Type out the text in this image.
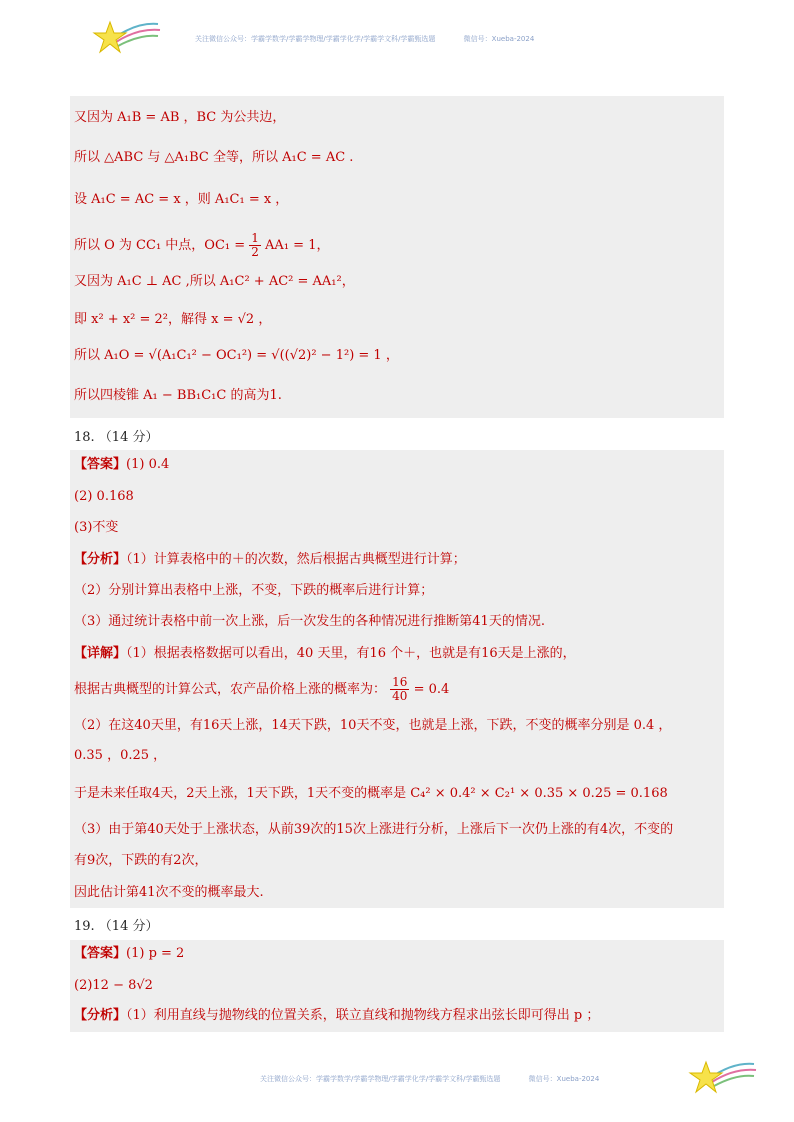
关注微信公众号：学霸学数学/学霸学物理/学霸学化学/学霸学文科/学霸甄选题	微信号：Xueba-2024
又因为 A₁B = AB ，BC 为公共边，
所以 △ABC 与 △A₁BC 全等，所以 A₁C = AC .
设 A₁C = AC = x ，则 A₁C₁ = x ，
所以 O 为 CC₁ 中点，$OC_1 = \frac{1}{2} AA_1 = 1$，
又因为 A₁C ⊥ AC ,所以 A₁C² + AC² = AA₁²，
即 x² + x² = 2²，解得 x = √2 ，
所以 A₁O = √(A₁C₁² − OC₁²) = √((√2)² − 1²) = 1 ，
所以四棱锥 A₁ − BB₁C₁C 的高为1.
18. （14 分）
【答案】(1) 0.4
(2) 0.168
(3)不变
【分析】（1）计算表格中的＋的次数，然后根据古典概型进行计算；
（2）分别计算出表格中上涨，不变，下跌的概率后进行计算；
（3）通过统计表格中前一次上涨，后一次发生的各种情况进行推断第41天的情况.
【详解】（1）根据表格数据可以看出，40 天里，有16 个＋，也就是有16天是上涨的，
根据古典概型的计算公式，农产品价格上涨的概率为： $\frac{16}{40} = 0.4$
（2）在这40天里，有16天上涨，14天下跌，10天不变，也就是上涨，下跌，不变的概率分别是 0.4 ，
0.35 ，0.25 ，
于是未来任取4天，2天上涨，1天下跌，1天不变的概率是 C₄² × 0.4² × C₂¹ × 0.35 × 0.25 = 0.168
（3）由于第40天处于上涨状态，从前39次的15次上涨进行分析，上涨后下一次仍上涨的有4次，不变的
有9次，下跌的有2次，
因此估计第41次不变的概率最大.
19. （14 分）
【答案】(1) p = 2
(2)12 − 8√2
【分析】（1）利用直线与抛物线的位置关系，联立直线和抛物线方程求出弦长即可得出 p ；
关注微信公众号：学霸学数学/学霸学物理/学霸学化学/学霸学文科/学霸甄选题	微信号：Xueba-2024
